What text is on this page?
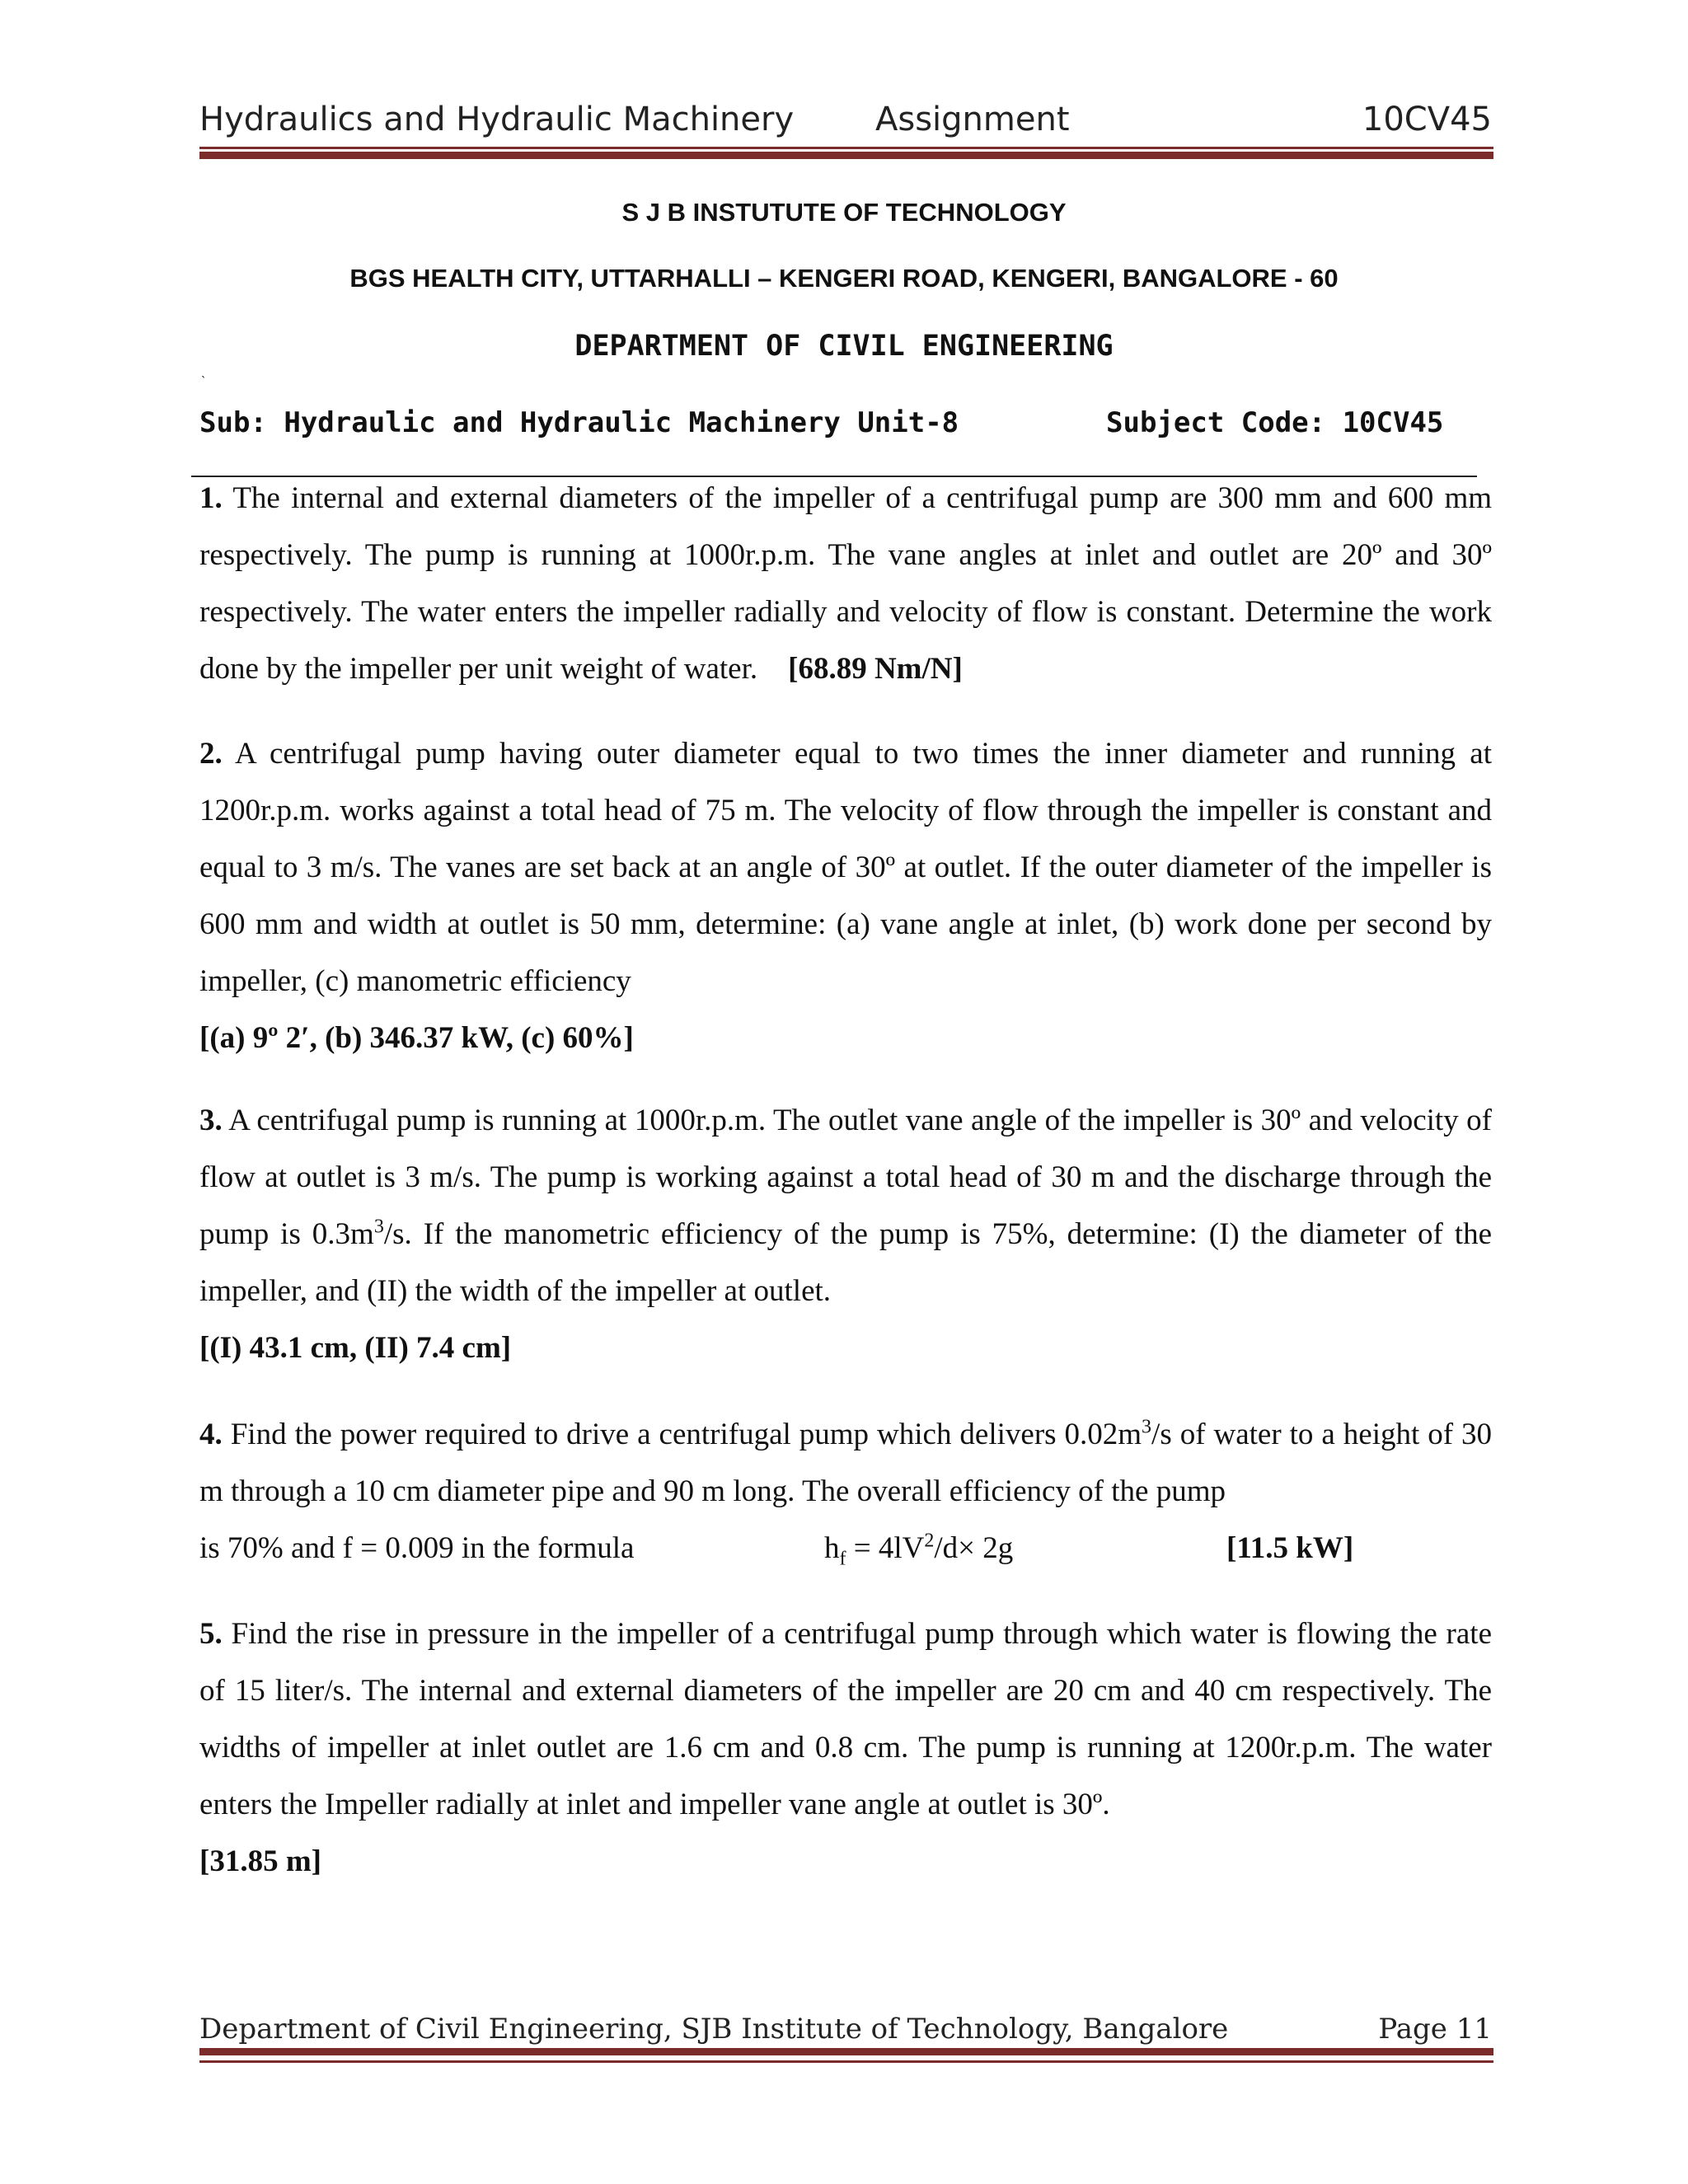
Hydraulics and Hydraulic Machinery Assignment	10CV45
S J B INSTUTUTE OF TECHNOLOGY
BGS HEALTH CITY, UTTARHALLI – KENGERI ROAD, KENGERI, BANGALORE - 60
DEPARTMENT OF CIVIL ENGINEERING
`
Sub: Hydraulic and Hydraulic Machinery Unit-8	Subject Code: 10CV45
1. The internal and external diameters of the impeller of a centrifugal pump are 300 mm and 600 mm respectively. The pump is running at 1000r.p.m. The vane angles at inlet and outlet are 20º and 30º respectively. The water enters the impeller radially and velocity of flow is constant. Determine the work done by the impeller per unit weight of water. [68.89 Nm/N]
2. A centrifugal pump having outer diameter equal to two times the inner diameter and running at 1200r.p.m. works against a total head of 75 m. The velocity of flow through the impeller is constant and equal to 3 m/s. The vanes are set back at an angle of 30º at outlet. If the outer diameter of the impeller is 600 mm and width at outlet is 50 mm, determine: (a) vane angle at inlet, (b) work done per second by impeller, (c) manometric efficiency
[(a) 9º 2′, (b) 346.37 kW, (c) 60%]
3. A centrifugal pump is running at 1000r.p.m. The outlet vane angle of the impeller is 30º and velocity of flow at outlet is 3 m/s. The pump is working against a total head of 30 m and the discharge through the pump is $0.3m^3/s$. If the manometric efficiency of the pump is 75%, determine: (I) the diameter of the impeller, and (II) the width of the impeller at outlet.
[(I) 43.1 cm, (II) 7.4 cm]
4. Find the power required to drive a centrifugal pump which delivers $0.02m^3/s$ of water to a height of 30 m through a 10 cm diameter pipe and 90 m long. The overall efficiency of the pump
is 70% and f = 0.009 in the formula	$h_f = 4lV^2/d\times 2g$	[11.5 kW]
5. Find the rise in pressure in the impeller of a centrifugal pump through which water is flowing the rate of 15 liter/s. The internal and external diameters of the impeller are 20 cm and 40 cm respectively. The widths of impeller at inlet outlet are 1.6 cm and 0.8 cm. The pump is running at 1200r.p.m. The water enters the Impeller radially at inlet and impeller vane angle at outlet is 30º.
[31.85 m]
Department of Civil Engineering, SJB Institute of Technology, Bangalore	Page 11
